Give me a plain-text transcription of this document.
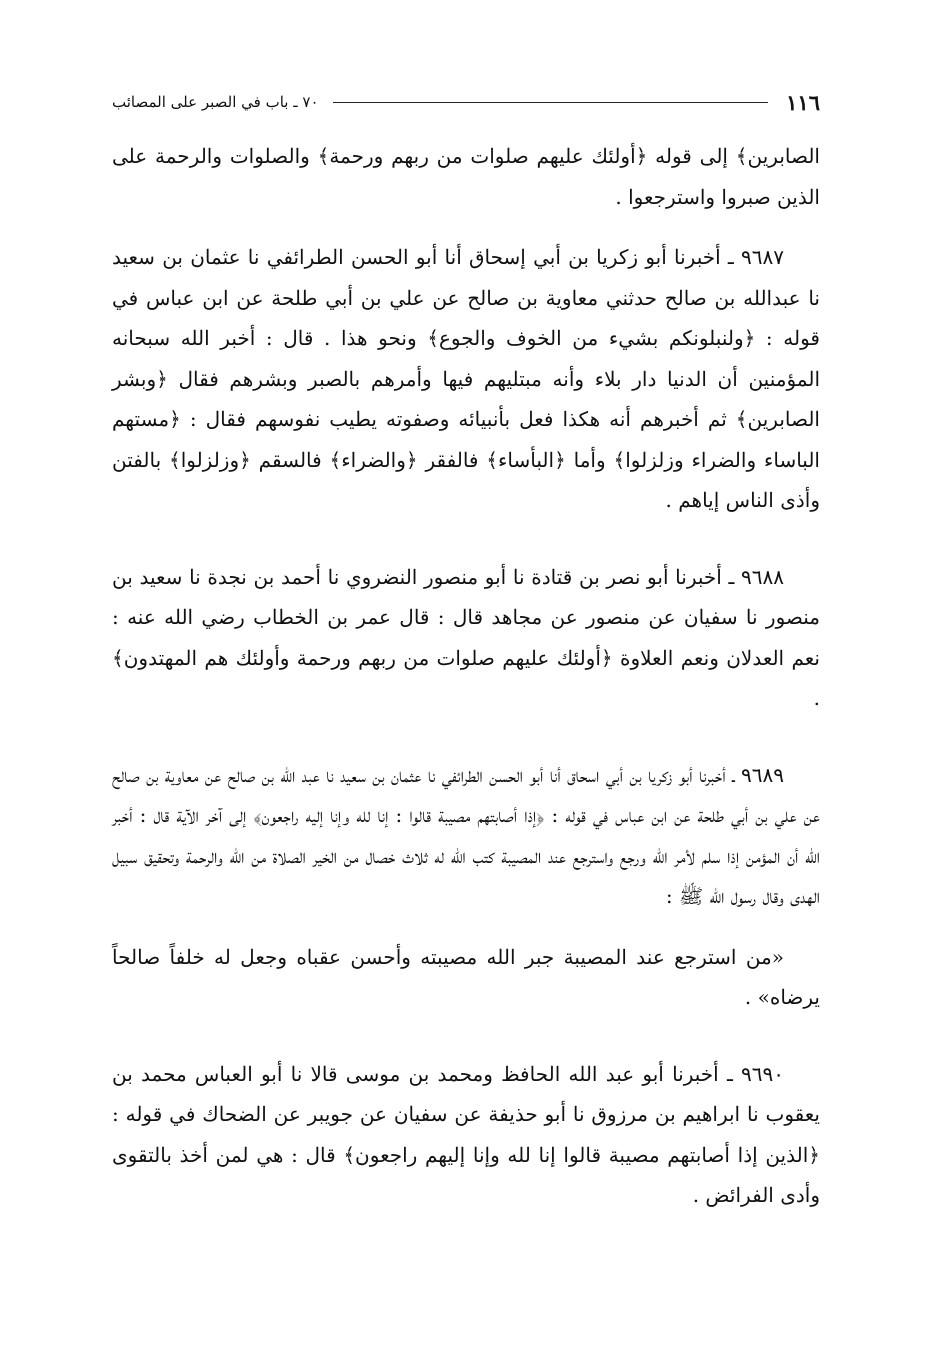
١١٦
٧٠ ـ باب في الصبر على المصائب

الصابرين﴾ إلى قوله ﴿أولئك عليهم صلوات من ربهم ورحمة﴾ والصلوات والرحمة على الذين صبروا واسترجعوا .

٩٦٨٧ ـ أخبرنا أبو زكريا بن أبي إسحاق أنا أبو الحسن الطرائفي نا عثمان بن سعيد نا عبدالله بن صالح حدثني معاوية بن صالح عن علي بن أبي طلحة عن ابن عباس في قوله : ﴿ولنبلونكم بشيء من الخوف والجوع﴾ ونحو هذا . قال : أخبر الله سبحانه المؤمنين أن الدنيا دار بلاء وأنه مبتليهم فيها وأمرهم بالصبر وبشرهم فقال ﴿وبشر الصابرين﴾ ثم أخبرهم أنه هكذا فعل بأنبيائه وصفوته يطيب نفوسهم فقال : ﴿مستهم الباساء والضراء وزلزلوا﴾ وأما ﴿البأساء﴾ فالفقر ﴿والضراء﴾ فالسقم ﴿وزلزلوا﴾ بالفتن وأذى الناس إياهم .

٩٦٨٨ ـ أخبرنا أبو نصر بن قتادة نا أبو منصور النضروي نا أحمد بن نجدة نا سعيد بن منصور نا سفيان عن منصور عن مجاهد قال : قال عمر بن الخطاب رضي الله عنه : نعم العدلان ونعم العلاوة ﴿أولئك عليهم صلوات من ربهم ورحمة وأولئك هم المهتدون﴾ .

٩٦٨٩ ـ أخبرنا أبو زكريا بن أبي اسحاق أنا أبو الحسن الطرائفي نا عثمان بن سعيد نا عبد الله بن صالح عن معاوية بن صالح عن علي بن أبي طلحة عن ابن عباس في قوله : ﴿إذا أصابتهم مصيبة قالوا : إنا لله وإنا إليه راجعون﴾ إلى آخر الآية قال : أخبر الله أن المؤمن إذا سلم لأمر الله ورجع واسترجع عند المصيبة كتب الله له ثلاث خصال من الخير الصلاة من الله والرحمة وتحقيق سبيل الهدى وقال رسول الله ﷺ :

«من استرجع عند المصيبة جبر الله مصيبته وأحسن عقباه وجعل له خلفاً صالحاً يرضاه» .

٩٦٩٠ ـ أخبرنا أبو عبد الله الحافظ ومحمد بن موسى قالا نا أبو العباس محمد بن يعقوب نا ابراهيم بن مرزوق نا أبو حذيفة عن سفيان عن جويبر عن الضحاك في قوله : ﴿الذين إذا أصابتهم مصيبة قالوا إنا لله وإنا إليهم راجعون﴾ قال : هي لمن أخذ بالتقوى وأدى الفرائض .
